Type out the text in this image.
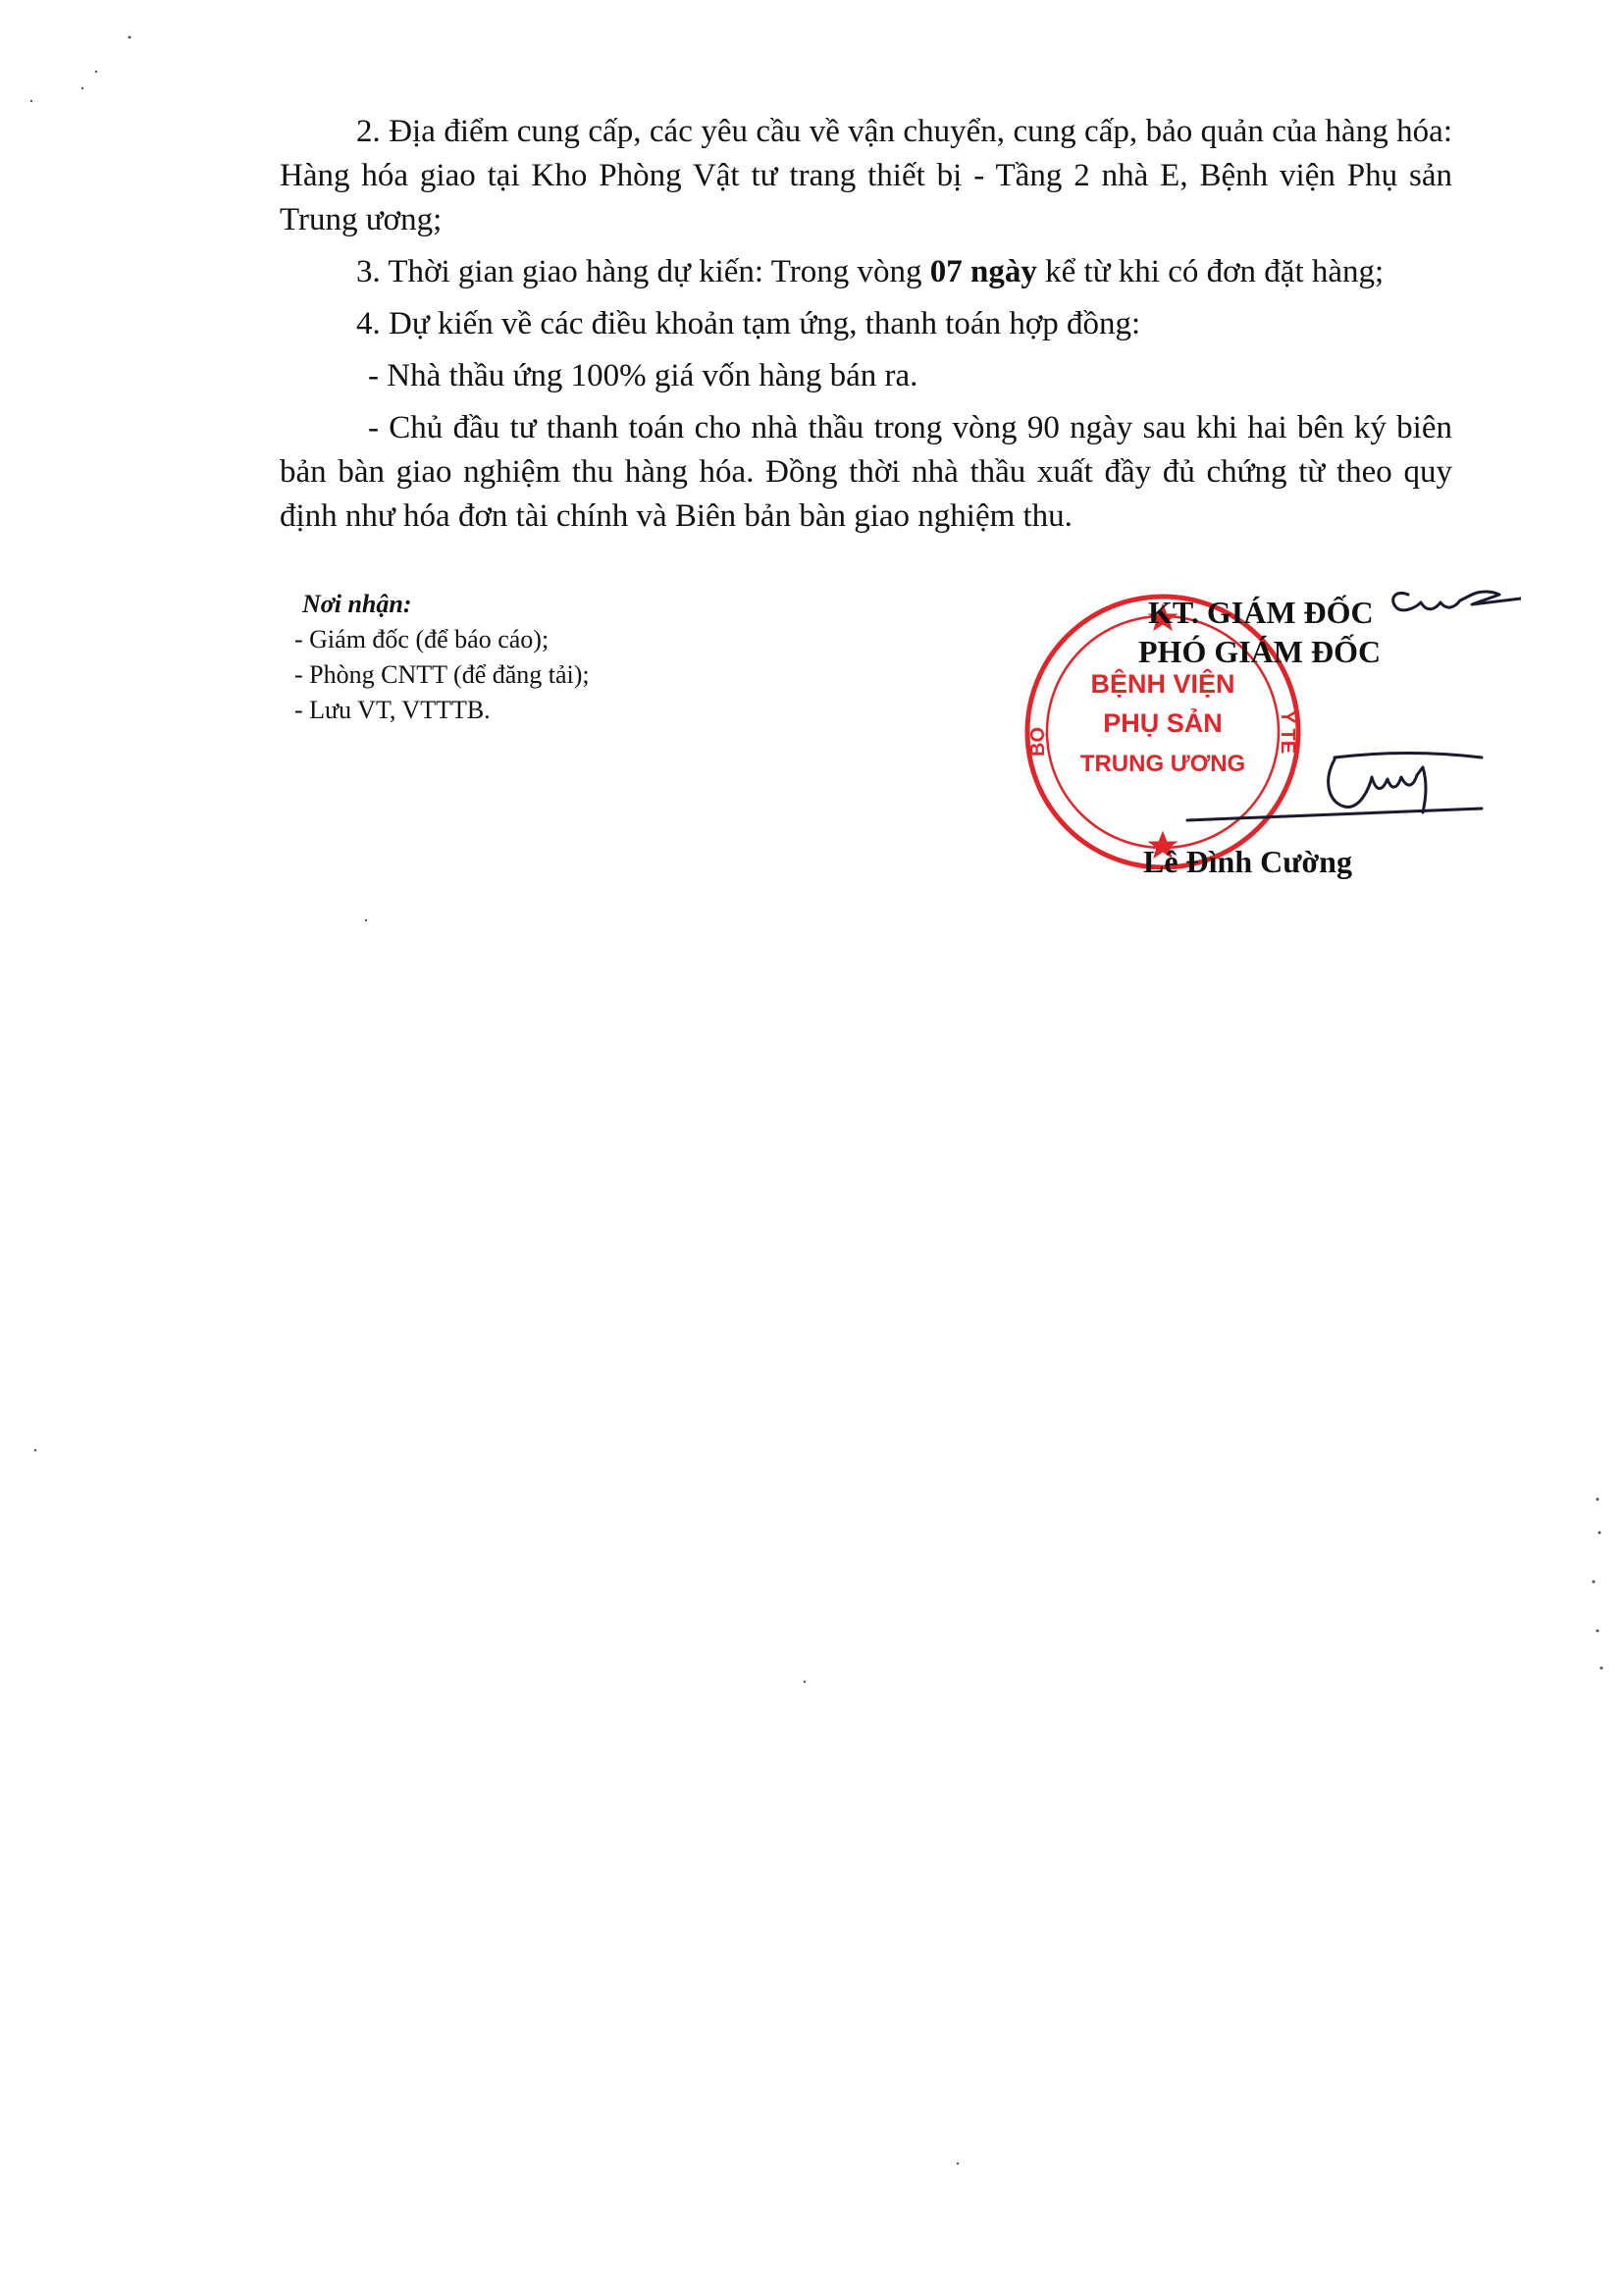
2. Địa điểm cung cấp, các yêu cầu về vận chuyển, cung cấp, bảo quản của hàng hóa: Hàng hóa giao tại Kho Phòng Vật tư trang thiết bị - Tầng 2 nhà E, Bệnh viện Phụ sản Trung ương;

3. Thời gian giao hàng dự kiến: Trong vòng 07 ngày kể từ khi có đơn đặt hàng;

4. Dự kiến về các điều khoản tạm ứng, thanh toán hợp đồng:

- Nhà thầu ứng 100% giá vốn hàng bán ra.

- Chủ đầu tư thanh toán cho nhà thầu trong vòng 90 ngày sau khi hai bên ký biên bản bàn giao nghiệm thu hàng hóa. Đồng thời nhà thầu xuất đầy đủ chứng từ theo quy định như hóa đơn tài chính và Biên bản bàn giao nghiệm thu.

Nơi nhận:

- Giám đốc (để báo cáo);

- Phòng CNTT (để đăng tải);

- Lưu VT, VTTTB.

BỆNH VIỆN
PHỤ SẢN
TRUNG ƯƠNG
BỘ	Y TẾ
KT. GIÁM ĐỐC
PHÓ GIÁM ĐỐC
Lê Đình Cường
